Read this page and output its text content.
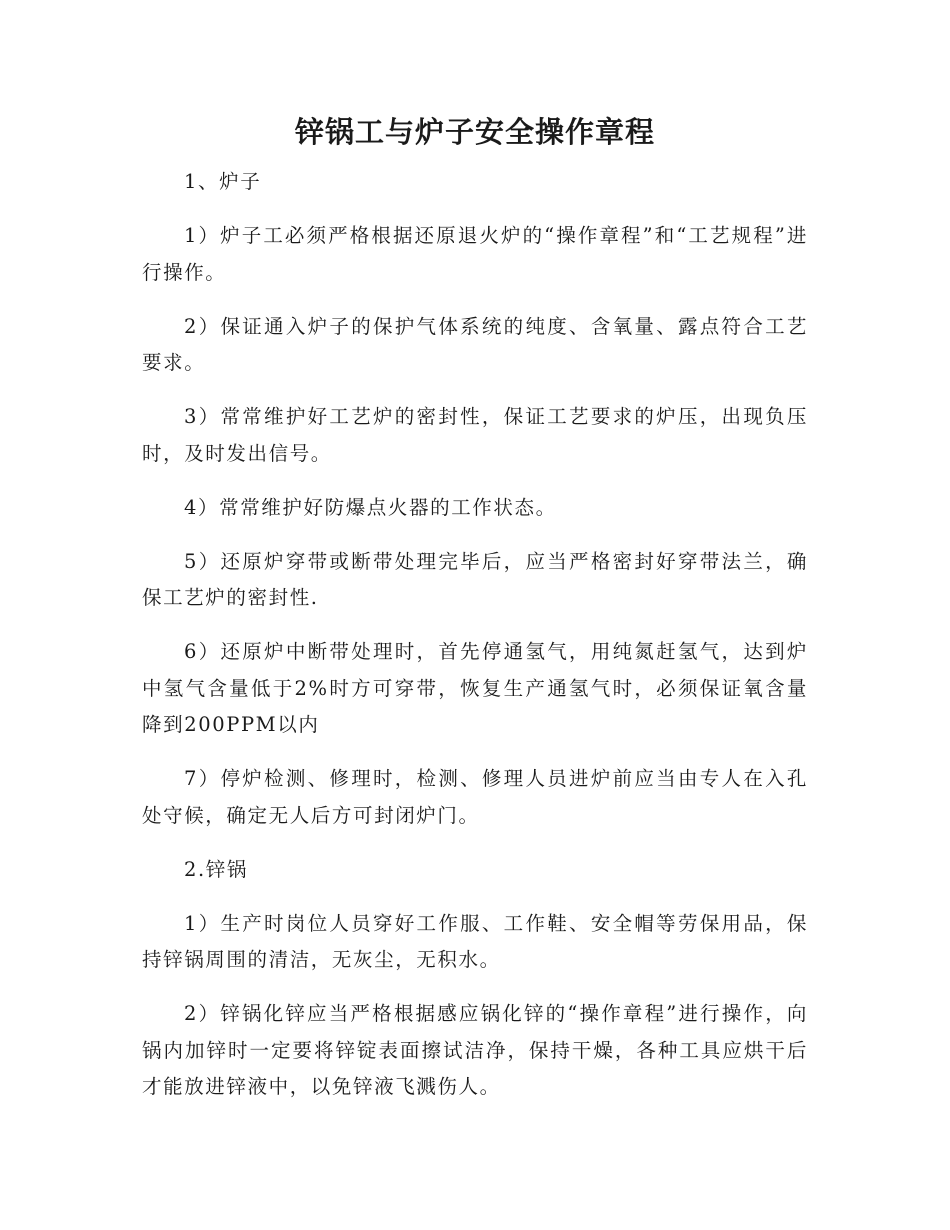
锌锅工与炉子安全操作章程

1、炉子

1）炉子工必须严格根据还原退火炉的“操作章程”和“工艺规程”进行操作。

2）保证通入炉子的保护气体系统的纯度、含氧量、露点符合工艺要求。

3）常常维护好工艺炉的密封性，保证工艺要求的炉压，出现负压时，及时发出信号。

4）常常维护好防爆点火器的工作状态。

5）还原炉穿带或断带处理完毕后，应当严格密封好穿带法兰，确保工艺炉的密封性.

6）还原炉中断带处理时，首先停通氢气，用纯氮赶氢气，达到炉中氢气含量低于2%时方可穿带，恢复生产通氢气时，必须保证氧含量降到200PPM以内

7）停炉检测、修理时，检测、修理人员进炉前应当由专人在入孔处守候，确定无人后方可封闭炉门。

2.锌锅

1）生产时岗位人员穿好工作服、工作鞋、安全帽等劳保用品，保持锌锅周围的清洁，无灰尘，无积水。

2）锌锅化锌应当严格根据感应锅化锌的“操作章程”进行操作，向锅内加锌时一定要将锌锭表面擦试洁净，保持干燥，各种工具应烘干后才能放进锌液中，以免锌液飞溅伤人。
